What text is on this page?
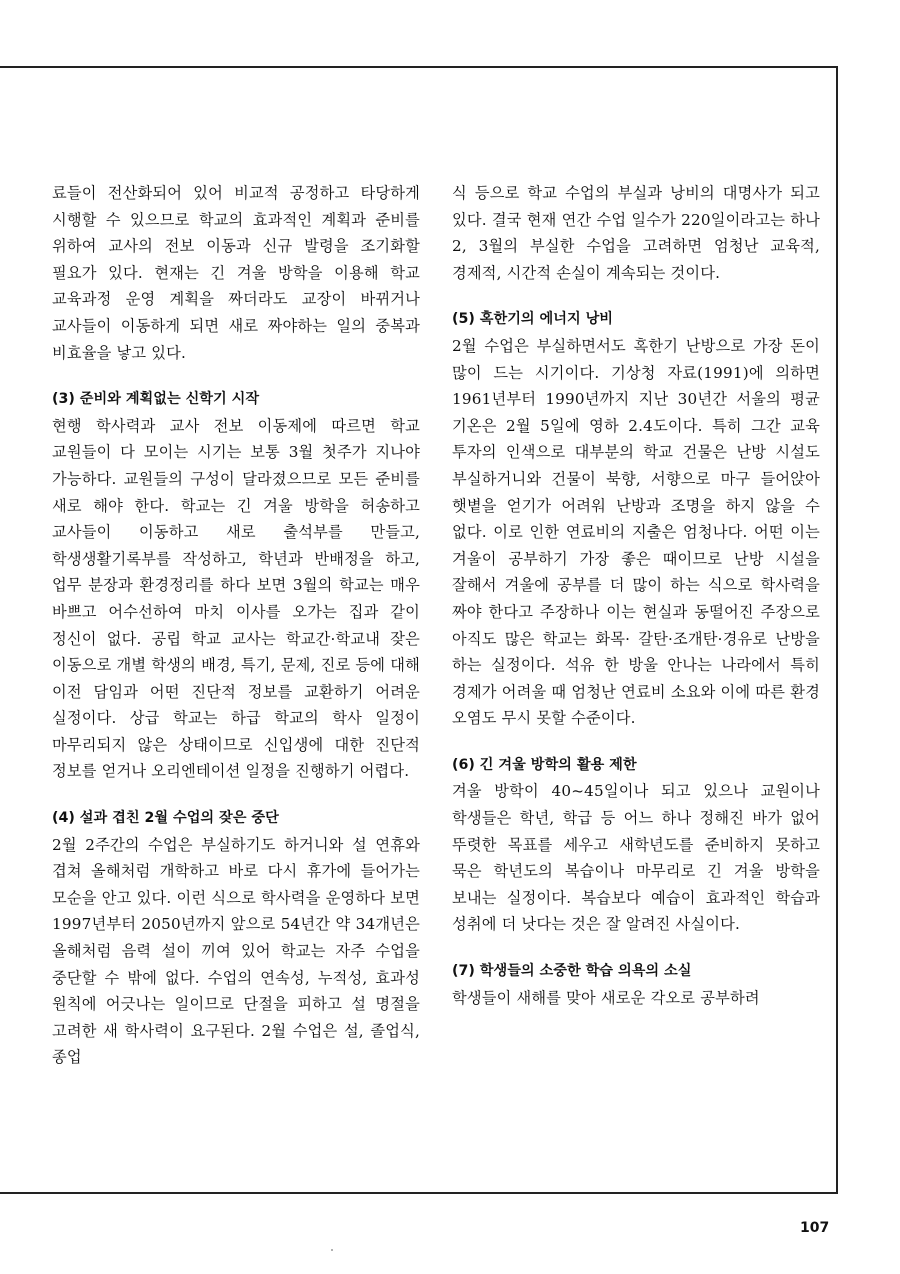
료들이 전산화되어 있어 비교적 공정하고 타당하게 시행할 수 있으므로 학교의 효과적인 계획과 준비를 위하여 교사의 전보 이동과 신규 발령을 조기화할 필요가 있다. 현재는 긴 겨울 방학을 이용해 학교 교육과정 운영 계획을 짜더라도 교장이 바뀌거나 교사들이 이동하게 되면 새로 짜야하는 일의 중복과 비효율을 낳고 있다.

(3) 준비와 계획없는 신학기 시작

현행 학사력과 교사 전보 이동제에 따르면 학교 교원들이 다 모이는 시기는 보통 3월 첫주가 지나야 가능하다. 교원들의 구성이 달라졌으므로 모든 준비를 새로 해야 한다. 학교는 긴 겨울 방학을 허송하고 교사들이 이동하고 새로 출석부를 만들고, 학생생활기록부를 작성하고, 학년과 반배정을 하고, 업무 분장과 환경정리를 하다 보면 3월의 학교는 매우 바쁘고 어수선하여 마치 이사를 오가는 집과 같이 정신이 없다. 공립 학교 교사는 학교간·학교내 잦은 이동으로 개별 학생의 배경, 특기, 문제, 진로 등에 대해 이전 담임과 어떤 진단적 정보를 교환하기 어려운 실정이다. 상급 학교는 하급 학교의 학사 일정이 마무리되지 않은 상태이므로 신입생에 대한 진단적 정보를 얻거나 오리엔테이션 일정을 진행하기 어렵다.

(4) 설과 겹친 2월 수업의 잦은 중단

2월 2주간의 수업은 부실하기도 하거니와 설 연휴와 겹쳐 올해처럼 개학하고 바로 다시 휴가에 들어가는 모순을 안고 있다. 이런 식으로 학사력을 운영하다 보면 1997년부터 2050년까지 앞으로 54년간 약 34개년은 올해처럼 음력 설이 끼여 있어 학교는 자주 수업을 중단할 수 밖에 없다. 수업의 연속성, 누적성, 효과성 원칙에 어긋나는 일이므로 단절을 피하고 설 명절을 고려한 새 학사력이 요구된다. 2월 수업은 설, 졸업식, 종업

식 등으로 학교 수업의 부실과 낭비의 대명사가 되고 있다. 결국 현재 연간 수업 일수가 220일이라고는 하나 2, 3월의 부실한 수업을 고려하면 엄청난 교육적, 경제적, 시간적 손실이 계속되는 것이다.

(5) 혹한기의 에너지 낭비

2월 수업은 부실하면서도 혹한기 난방으로 가장 돈이 많이 드는 시기이다. 기상청 자료(1991)에 의하면 1961년부터 1990년까지 지난 30년간 서울의 평균 기온은 2월 5일에 영하 2.4도이다. 특히 그간 교육 투자의 인색으로 대부분의 학교 건물은 난방 시설도 부실하거니와 건물이 북향, 서향으로 마구 들어앉아 햇볕을 얻기가 어려워 난방과 조명을 하지 않을 수 없다. 이로 인한 연료비의 지출은 엄청나다. 어떤 이는 겨울이 공부하기 가장 좋은 때이므로 난방 시설을 잘해서 겨울에 공부를 더 많이 하는 식으로 학사력을 짜야 한다고 주장하나 이는 현실과 동떨어진 주장으로 아직도 많은 학교는 화목· 갈탄·조개탄·경유로 난방을 하는 실정이다. 석유 한 방울 안나는 나라에서 특히 경제가 어려울 때 엄청난 연료비 소요와 이에 따른 환경 오염도 무시 못할 수준이다.

(6) 긴 겨울 방학의 활용 제한

겨울 방학이 40~45일이나 되고 있으나 교원이나 학생들은 학년, 학급 등 어느 하나 정해진 바가 없어 뚜렷한 목표를 세우고 새학년도를 준비하지 못하고 묵은 학년도의 복습이나 마무리로 긴 겨울 방학을 보내는 실정이다. 복습보다 예습이 효과적인 학습과 성취에 더 낫다는 것은 잘 알려진 사실이다.

(7) 학생들의 소중한 학습 의욕의 소실

학생들이 새해를 맞아 새로운 각오로 공부하려

107
